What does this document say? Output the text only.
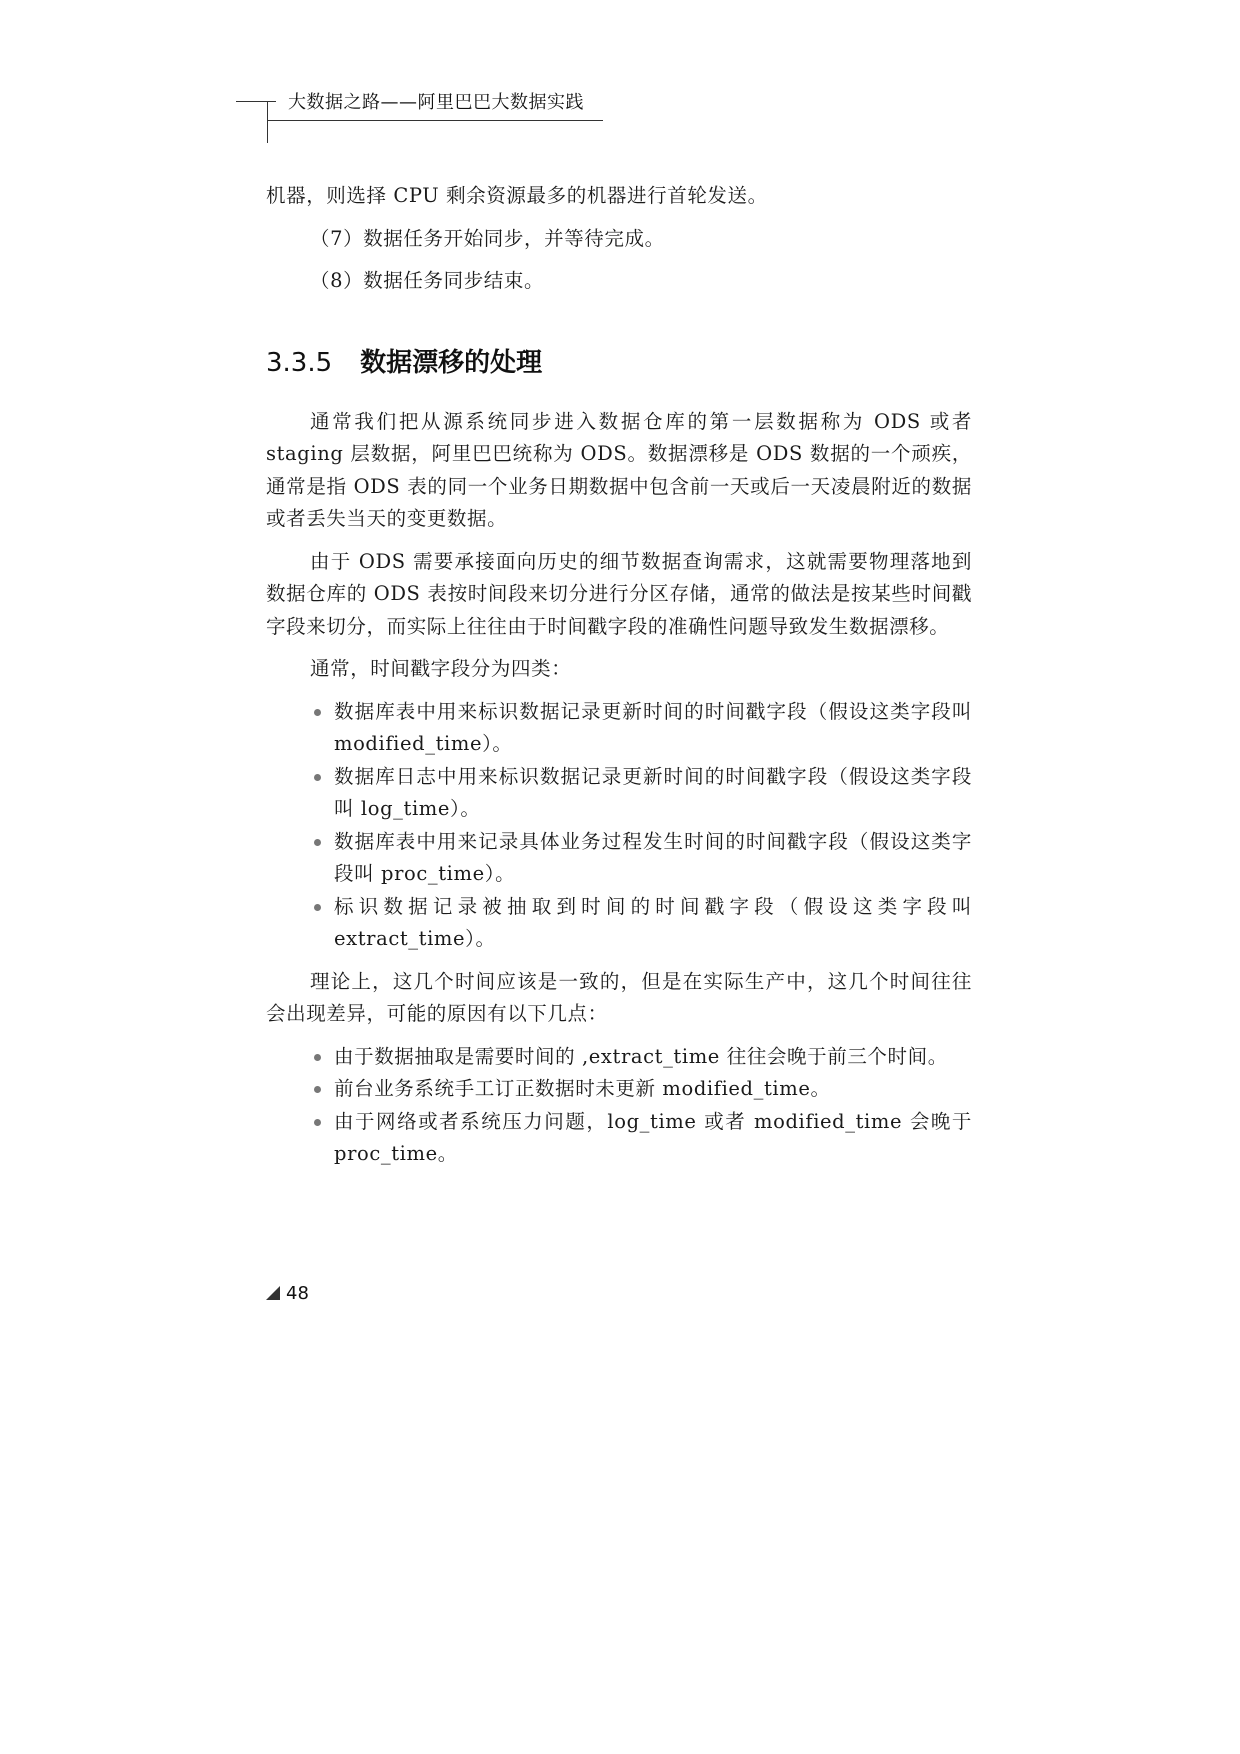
大数据之路——阿里巴巴大数据实践

机器，则选择 CPU 剩余资源最多的机器进行首轮发送。

（7）数据任务开始同步，并等待完成。

（8）数据任务同步结束。

3.3.5 数据漂移的处理

通常我们把从源系统同步进入数据仓库的第一层数据称为 ODS 或者 staging 层数据，阿里巴巴统称为 ODS。数据漂移是 ODS 数据的一个顽疾，通常是指 ODS 表的同一个业务日期数据中包含前一天或后一天凌晨附近的数据或者丢失当天的变更数据。

由于 ODS 需要承接面向历史的细节数据查询需求，这就需要物理落地到数据仓库的 ODS 表按时间段来切分进行分区存储，通常的做法是按某些时间戳字段来切分，而实际上往往由于时间戳字段的准确性问题导致发生数据漂移。

通常，时间戳字段分为四类：

数据库表中用来标识数据记录更新时间的时间戳字段（假设这类字段叫 modified_time）。
数据库日志中用来标识数据记录更新时间的时间戳字段（假设这类字段叫 log_time）。
数据库表中用来记录具体业务过程发生时间的时间戳字段（假设这类字段叫 proc_time）。
标识数据记录被抽取到时间的时间戳字段（假设这类字段叫 extract_time）。

理论上，这几个时间应该是一致的，但是在实际生产中，这几个时间往往会出现差异，可能的原因有以下几点：

由于数据抽取是需要时间的 ,extract_time 往往会晚于前三个时间。
前台业务系统手工订正数据时未更新 modified_time。
由于网络或者系统压力问题，log_time 或者 modified_time 会晚于 proc_time。
48
